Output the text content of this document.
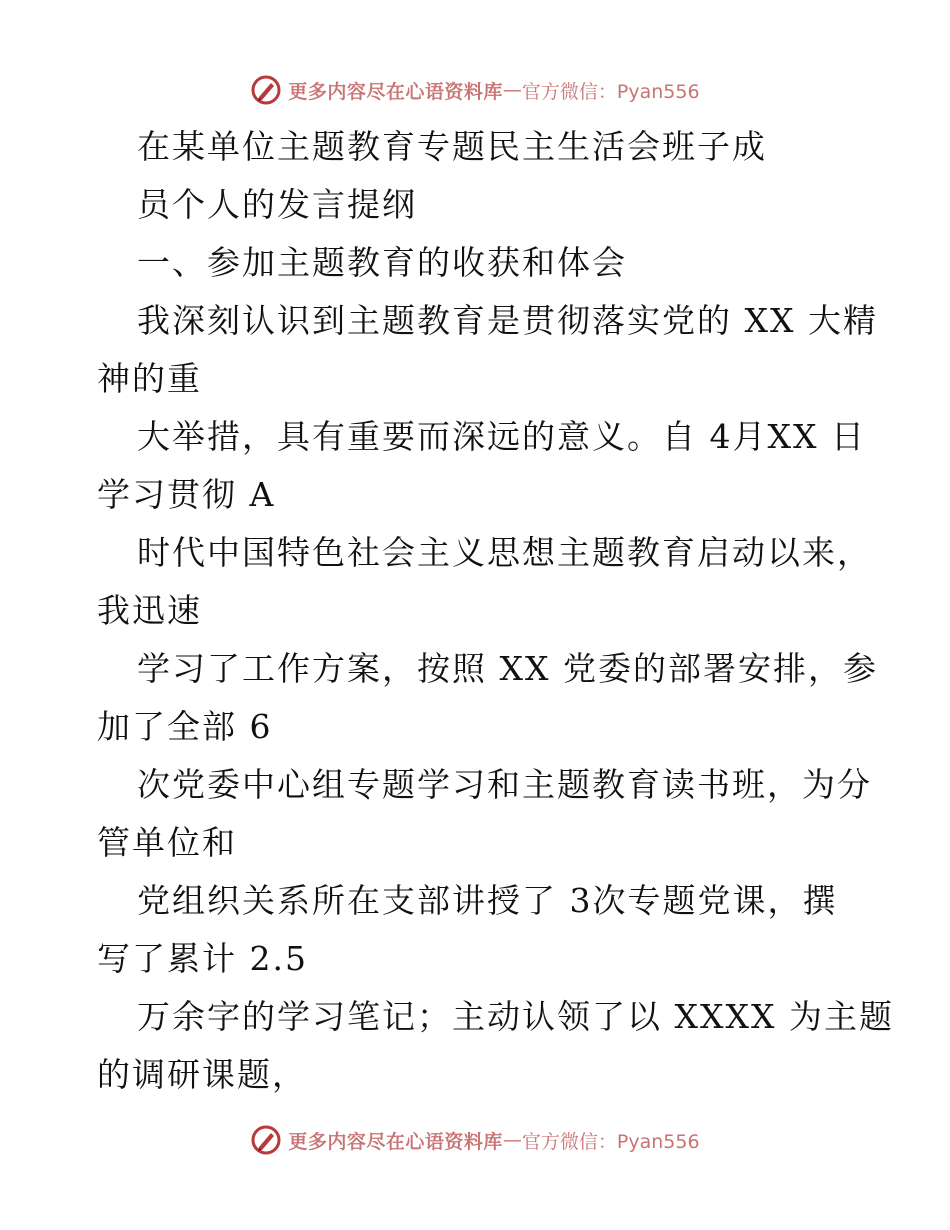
更多内容尽在心语资料库 — 官方微信：Pyan556
在某单位主题教育专题民主生活会班子成
员个人的发言提纲
一、参加主题教育的收获和体会
我深刻认识到主题教育是贯彻落实党的 XX 大精
神的重
大举措，具有重要而深远的意义。自 4月XX 日
学习贯彻 A
时代中国特色社会主义思想主题教育启动以来，
我迅速
学习了工作方案，按照 XX 党委的部署安排，参
加了全部 6
次党委中心组专题学习和主题教育读书班，为分
管单位和
党组织关系所在支部讲授了 3次专题党课，撰
写了累计 2.5
万余字的学习笔记；主动认领了以 XXXX 为主题
的调研课题，
更多内容尽在心语资料库 — 官方微信：Pyan556
